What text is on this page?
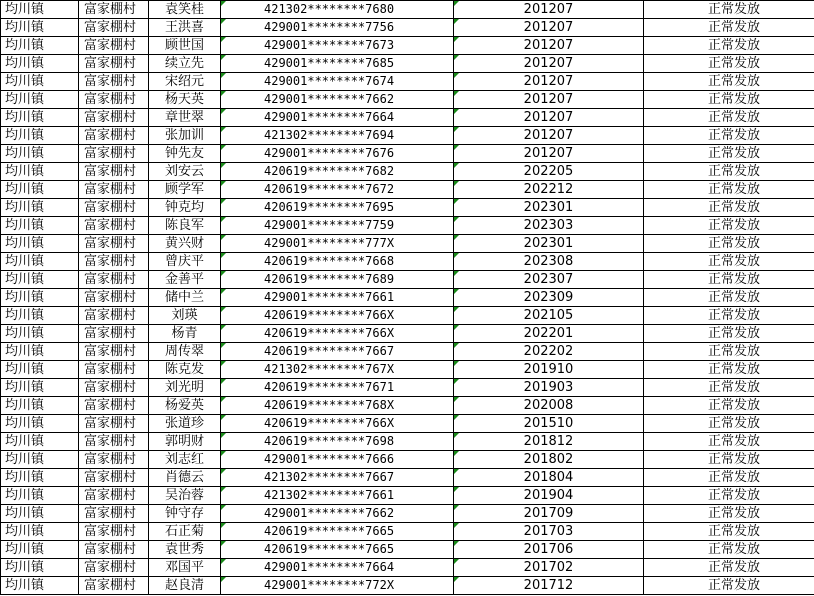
均川镇	富家棚村	袁笑桂	421302********7680	201207	正常发放
均川镇	富家棚村	王洪喜	429001********7756	201207	正常发放
均川镇	富家棚村	顾世国	429001********7673	201207	正常发放
均川镇	富家棚村	续立先	429001********7685	201207	正常发放
均川镇	富家棚村	宋绍元	429001********7674	201207	正常发放
均川镇	富家棚村	杨天英	429001********7662	201207	正常发放
均川镇	富家棚村	章世翠	429001********7664	201207	正常发放
均川镇	富家棚村	张加训	421302********7694	201207	正常发放
均川镇	富家棚村	钟先友	429001********7676	201207	正常发放
均川镇	富家棚村	刘安云	420619********7682	202205	正常发放
均川镇	富家棚村	顾学军	420619********7672	202212	正常发放
均川镇	富家棚村	钟克均	420619********7695	202301	正常发放
均川镇	富家棚村	陈良军	429001********7759	202303	正常发放
均川镇	富家棚村	黄兴财	429001********777X	202301	正常发放
均川镇	富家棚村	曾庆平	420619********7668	202308	正常发放
均川镇	富家棚村	金善平	420619********7689	202307	正常发放
均川镇	富家棚村	储中兰	429001********7661	202309	正常发放
均川镇	富家棚村	刘瑛	420619********766X	202105	正常发放
均川镇	富家棚村	杨青	420619********766X	202201	正常发放
均川镇	富家棚村	周传翠	420619********7667	202202	正常发放
均川镇	富家棚村	陈克发	421302********767X	201910	正常发放
均川镇	富家棚村	刘光明	420619********7671	201903	正常发放
均川镇	富家棚村	杨爱英	420619********768X	202008	正常发放
均川镇	富家棚村	张道珍	420619********766X	201510	正常发放
均川镇	富家棚村	郭明财	420619********7698	201812	正常发放
均川镇	富家棚村	刘志红	429001********7666	201802	正常发放
均川镇	富家棚村	肖德云	421302********7667	201804	正常发放
均川镇	富家棚村	吴治蓉	421302********7661	201904	正常发放
均川镇	富家棚村	钟守存	429001********7662	201709	正常发放
均川镇	富家棚村	石正菊	420619********7665	201703	正常发放
均川镇	富家棚村	袁世秀	420619********7665	201706	正常发放
均川镇	富家棚村	邓国平	429001********7664	201702	正常发放
均川镇	富家棚村	赵良清	429001********772X	201712	正常发放
